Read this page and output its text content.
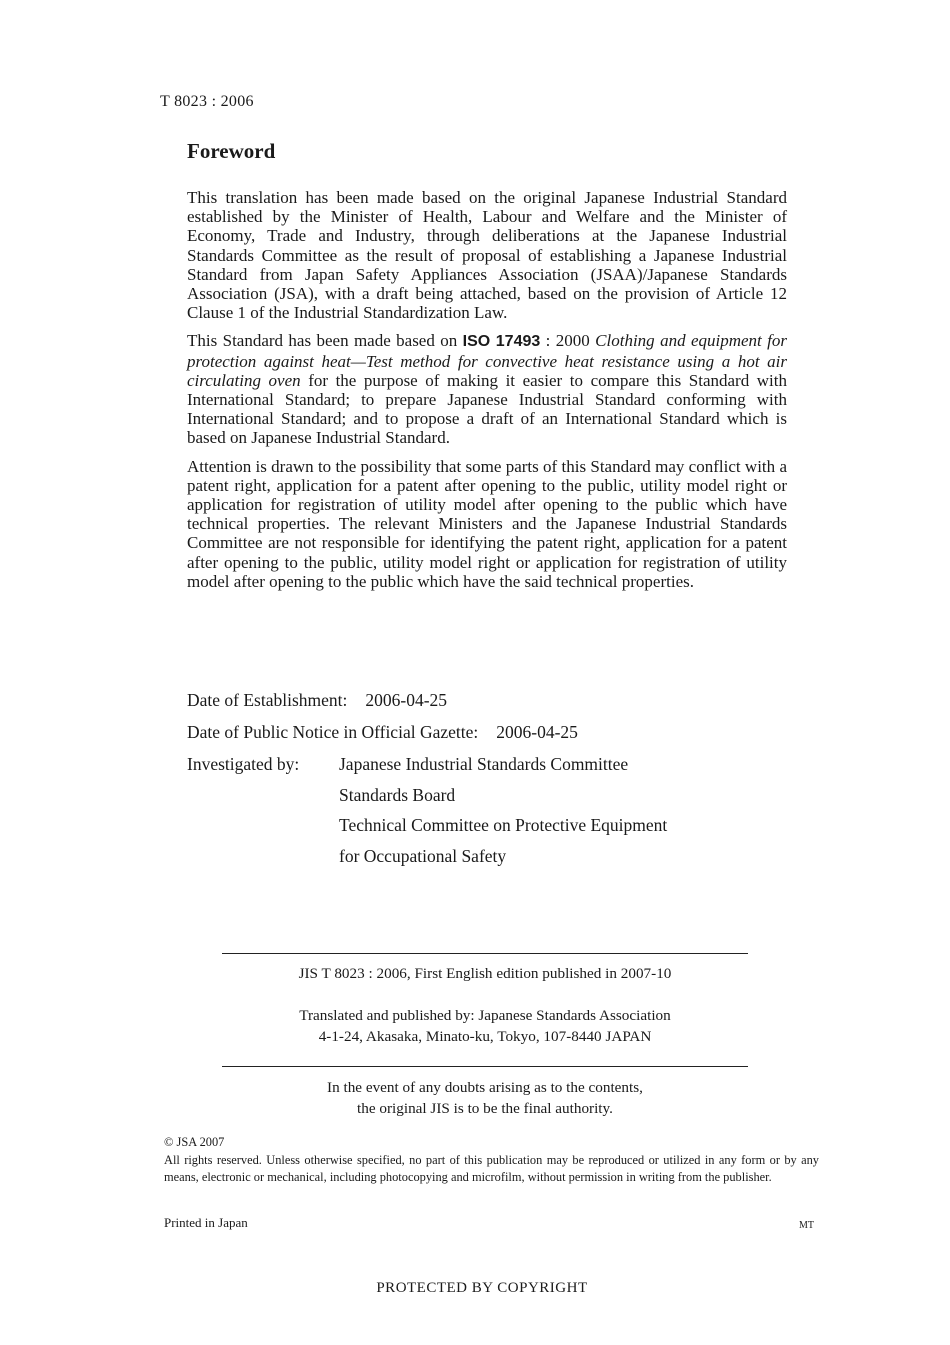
T 8023 : 2006
Foreword

This translation has been made based on the original Japanese Industrial Standard established by the Minister of Health, Labour and Welfare and the Minister of Economy, Trade and Industry, through deliberations at the Japanese Industrial Standards Committee as the result of proposal of establishing a Japanese Industrial Standard from Japan Safety Appliances Association (JSAA)/Japanese Standards Association (JSA), with a draft being attached, based on the provision of Article 12 Clause 1 of the Industrial Standardization Law.

This Standard has been made based on ISO 17493 : 2000 Clothing and equipment for protection against heat—Test method for convective heat resistance using a hot air circulating oven for the purpose of making it easier to compare this Standard with International Standard; to prepare Japanese Industrial Standard conforming with International Standard; and to propose a draft of an International Standard which is based on Japanese Industrial Standard.

Attention is drawn to the possibility that some parts of this Standard may conflict with a patent right, application for a patent after opening to the public, utility model right or application for registration of utility model after opening to the public which have technical properties. The relevant Ministers and the Japanese Industrial Standards Committee are not responsible for identifying the patent right, application for a patent after opening to the public, utility model right or application for registration of utility model after opening to the public which have the said technical properties.

Date of Establishment: 2006-04-25
Date of Public Notice in Official Gazette: 2006-04-25
Investigated by:	Japanese Industrial Standards Committee
Standards Board
Technical Committee on Protective Equipment
for Occupational Safety
JIS T 8023 : 2006, First English edition published in 2007-10
Translated and published by: Japanese Standards Association
4-1-24, Akasaka, Minato-ku, Tokyo, 107-8440 JAPAN
In the event of any doubts arising as to the contents,
the original JIS is to be the final authority.

© JSA 2007

All rights reserved. Unless otherwise specified, no part of this publication may be reproduced or utilized in any form or by any means, electronic or mechanical, including photocopying and microfilm, without permission in writing from the publisher.

Printed in Japan	MT
PROTECTED BY COPYRIGHT
